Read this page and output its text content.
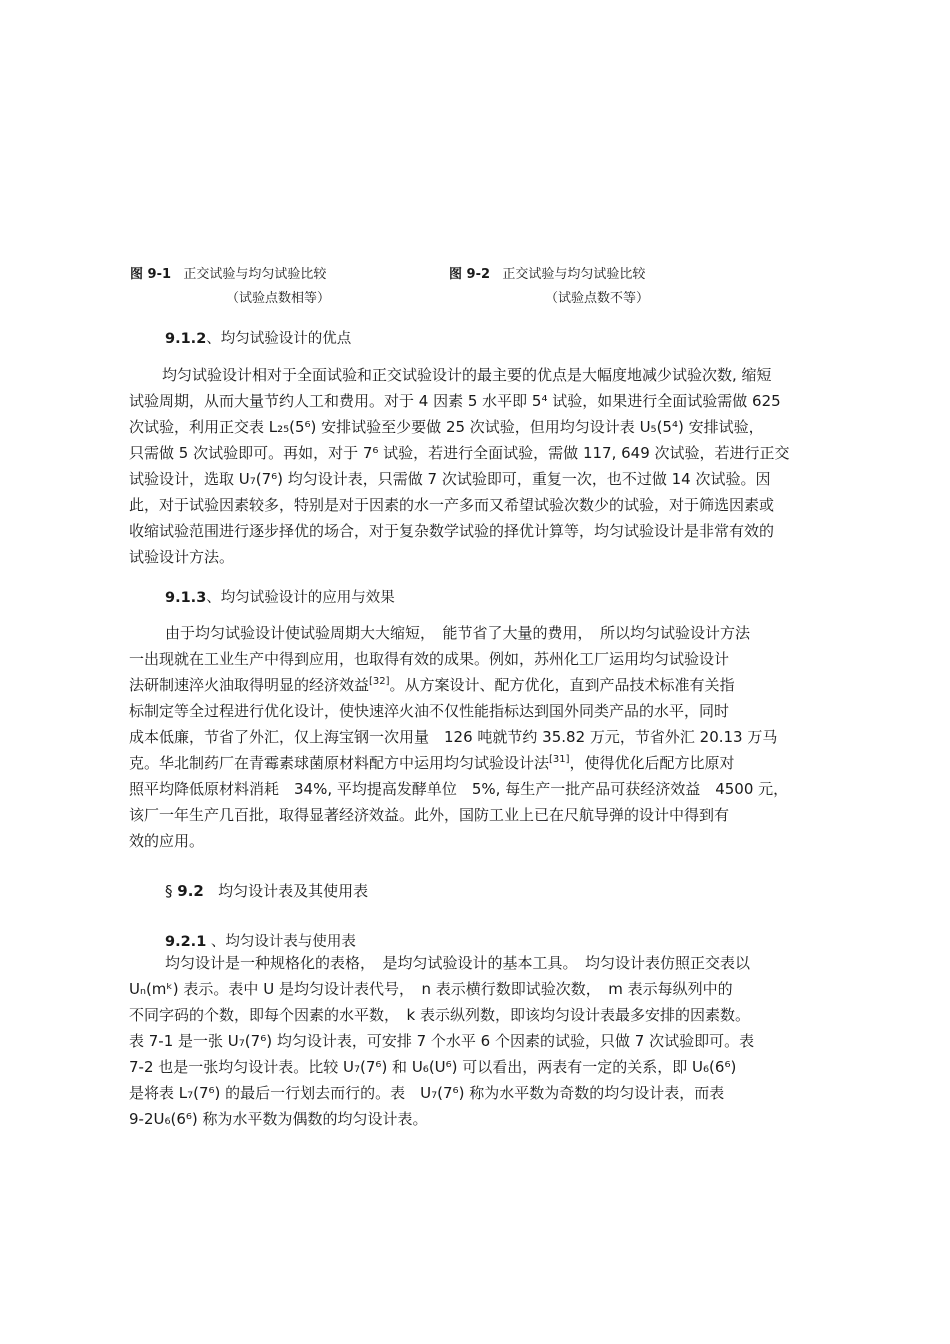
图 9-1 正交试验与均匀试验比较
（试验点数相等）
图 9-2 正交试验与均匀试验比较
（试验点数不等）
9.1.2、均匀试验设计的优点
均匀试验设计相对于全面试验和正交试验设计的最主要的优点是大幅度地减少试验次数, 缩短
试验周期，从而大量节约人工和费用。对于 4 因素 5 水平即 5⁴ 试验，如果进行全面试验需做 625
次试验，利用正交表 L₂₅(5⁶) 安排试验至少要做 25 次试验，但用均匀设计表 U₅(5⁴) 安排试验，
只需做 5 次试验即可。再如，对于 7⁶ 试验，若进行全面试验，需做 117, 649 次试验，若进行正交
试验设计，选取 U₇(7⁶) 均匀设计表，只需做 7 次试验即可，重复一次，也不过做 14 次试验。因
此，对于试验因素较多，特别是对于因素的水一产多而又希望试验次数少的试验，对于筛选因素或
收缩试验范围进行逐步择优的场合，对于复杂数学试验的择优计算等，均匀试验设计是非常有效的
试验设计方法。
9.1.3、均匀试验设计的应用与效果
由于均匀试验设计使试验周期大大缩短，　能节省了大量的费用，　所以均匀试验设计方法
一出现就在工业生产中得到应用，也取得有效的成果。例如，苏州化工厂运用均匀试验设计
法研制速淬火油取得明显的经济效益[32]。从方案设计、配方优化，直到产品技术标准有关指
标制定等全过程进行优化设计，使快速淬火油不仅性能指标达到国外同类产品的水平，同时
成本低廉，节省了外汇，仅上海宝钢一次用量　126 吨就节约 35.82 万元，节省外汇 20.13 万马
克。华北制药厂在青霉素球菌原材料配方中运用均匀试验设计法[31]，使得优化后配方比原对
照平均降低原材料消耗　34%, 平均提高发酵单位　5%, 每生产一批产品可获经济效益　4500 元，
该厂一年生产几百批，取得显著经济效益。此外，国防工业上已在尺航导弹的设计中得到有
效的应用。
§ 9.2 均匀设计表及其使用表
9.2.1 、均匀设计表与使用表
均匀设计是一种规格化的表格，　是均匀试验设计的基本工具。　均匀设计表仿照正交表以
Uₙ(mᵏ) 表示。表中 U 是均匀设计表代号，　n 表示横行数即试验次数，　m 表示每纵列中的
不同字码的个数，即每个因素的水平数，　k 表示纵列数，即该均匀设计表最多安排的因素数。
表 7-1 是一张 U₇(7⁶) 均匀设计表，可安排 7 个水平 6 个因素的试验，只做 7 次试验即可。表
7-2 也是一张均匀设计表。比较 U₇(7⁶) 和 U₆(U⁶) 可以看出，两表有一定的关系，即 U₆(6⁶)
是将表 L₇(7⁶) 的最后一行划去而行的。表　U₇(7⁶) 称为水平数为奇数的均匀设计表，而表
9-2U₆(6⁶) 称为水平数为偶数的均匀设计表。
